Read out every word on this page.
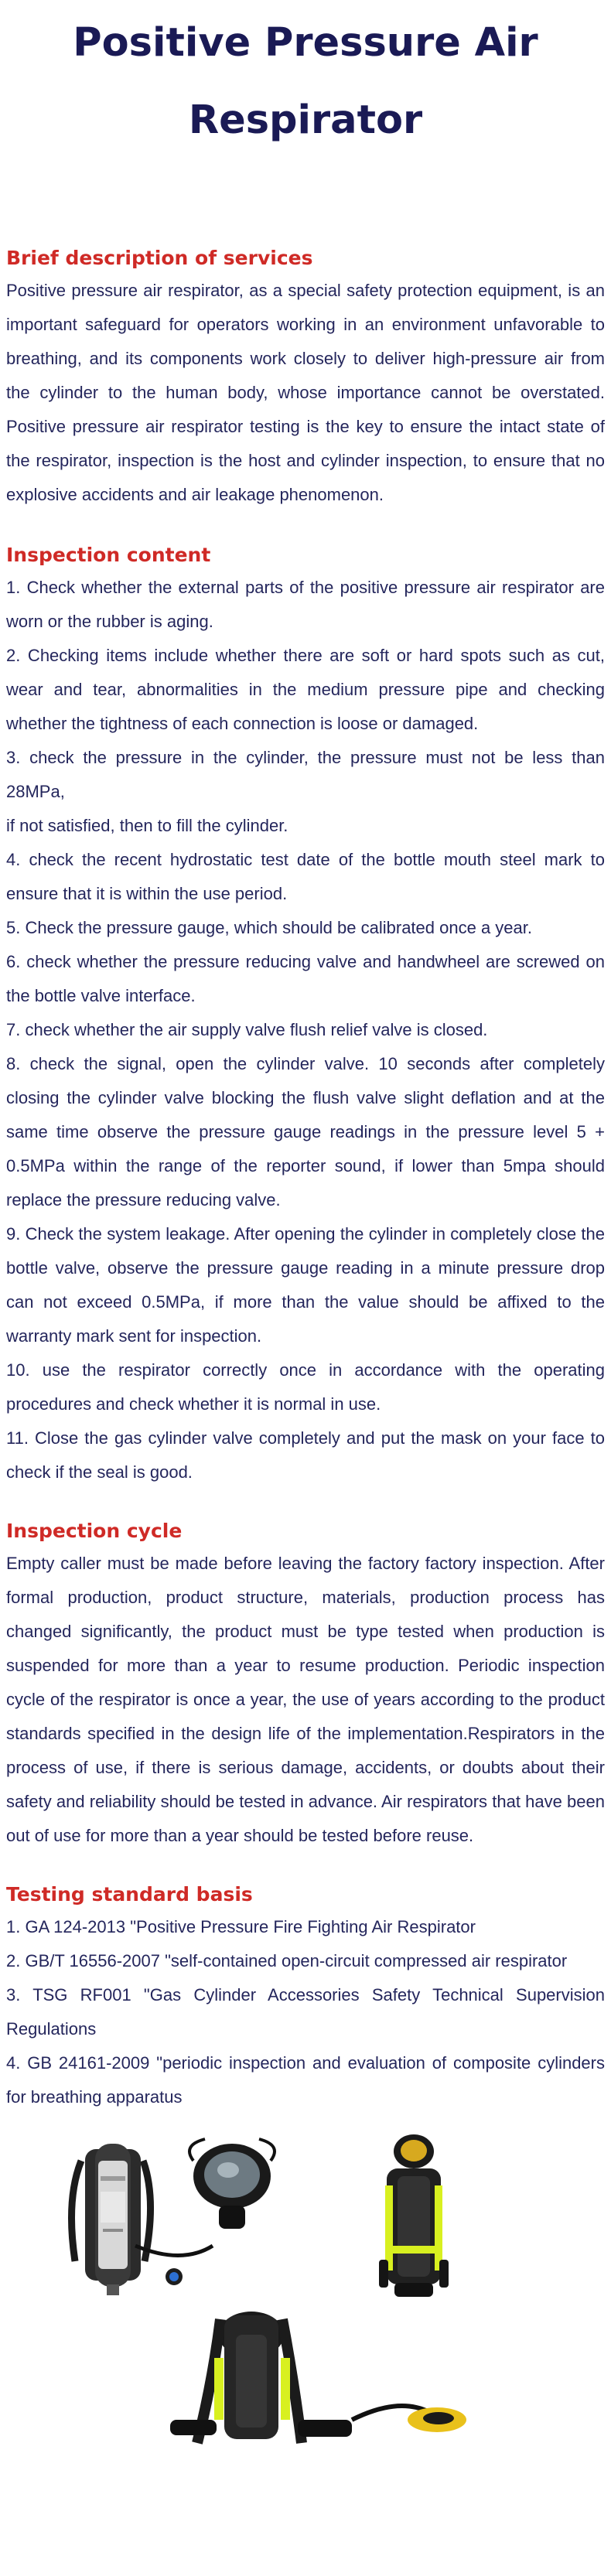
Positive Pressure Air Respirator
Brief description of services

Positive pressure air respirator, as a special safety protection equipment, is an important safeguard for operators working in an environment unfavorable to breathing, and its components work closely to deliver high-pressure air from the cylinder to the human body, whose importance cannot be overstated. Positive pressure air respirator testing is the key to ensure the intact state of the respirator, inspection is the host and cylinder inspection, to ensure that no explosive accidents and air leakage phenomenon.

Inspection content
1. Check whether the external parts of the positive pressure air respirator are worn or the rubber is aging.
2. Checking items include whether there are soft or hard spots such as cut, wear and tear, abnormalities in the medium pressure pipe and checking whether the tightness of each connection is loose or damaged.
3. check the pressure in the cylinder, the pressure must not be less than 28MPa,
if not satisfied, then to fill the cylinder.
4. check the recent hydrostatic test date of the bottle mouth steel mark to ensure that it is within the use period.
5. Check the pressure gauge, which should be calibrated once a year.
6. check whether the pressure reducing valve and handwheel are screwed on the bottle valve interface.
7. check whether the air supply valve flush relief valve is closed.
8. check the signal, open the cylinder valve. 10 seconds after completely closing the cylinder valve blocking the flush valve slight deflation and at the same time observe the pressure gauge readings in the pressure level 5 + 0.5MPa within the range of the reporter sound, if lower than 5mpa should replace the pressure reducing valve.
9. Check the system leakage. After opening the cylinder in completely close the bottle valve, observe the pressure gauge reading in a minute pressure drop can not exceed 0.5MPa, if more than the value should be affixed to the warranty mark sent for inspection.
10. use the respirator correctly once in accordance with the operating procedures and check whether it is normal in use.
11. Close the gas cylinder valve completely and put the mask on your face to check if the seal is good.
Inspection cycle

Empty caller must be made before leaving the factory factory inspection. After formal production, product structure, materials, production process has changed significantly, the product must be type tested when production is suspended for more than a year to resume production. Periodic inspection cycle of the respirator is once a year, the use of years according to the product standards specified in the design life of the implementation.Respirators in the process of use, if there is serious damage, accidents, or doubts about their safety and reliability should be tested in advance. Air respirators that have been out of use for more than a year should be tested before reuse.

Testing standard basis
1. GA 124-2013 "Positive Pressure Fire Fighting Air Respirator
2. GB/T 16556-2007 "self-contained open-circuit compressed air respirator
3. TSG RF001 "Gas Cylinder Accessories Safety Technical Supervision Regulations
4. GB 24161-2009 "periodic inspection and evaluation of composite cylinders for breathing apparatus
